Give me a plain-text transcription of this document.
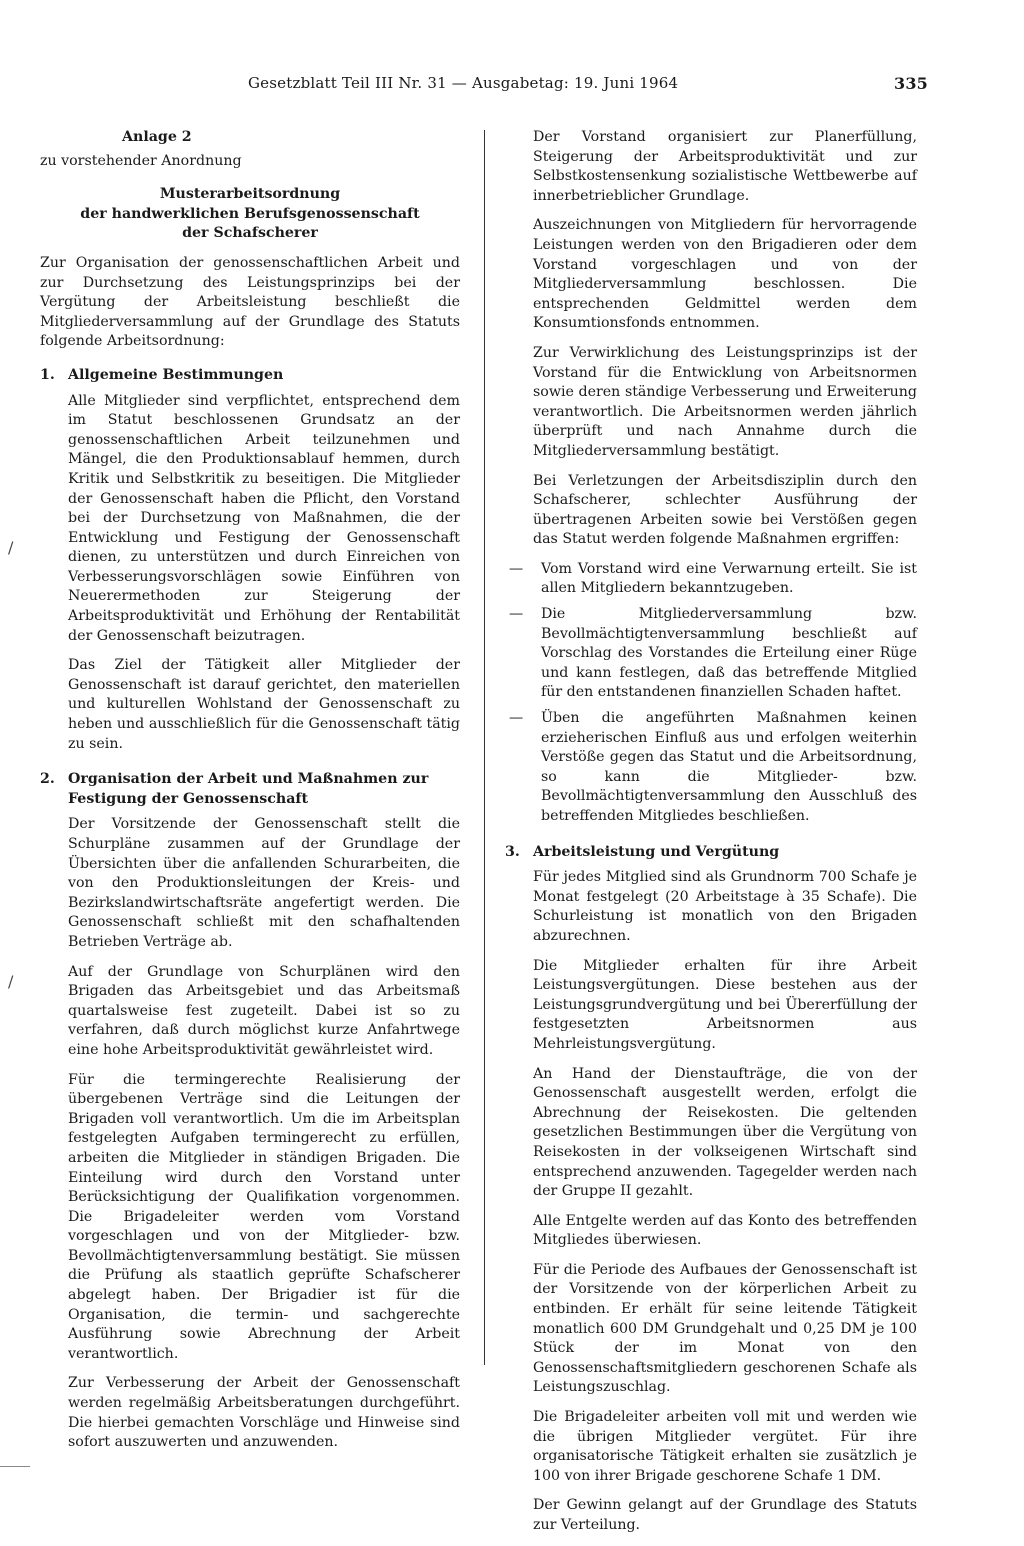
Gesetzblatt Teil III Nr. 31 — Ausgabetag: 19. Juni 1964	335

Anlage 2

zu vorstehender Anordnung

Musterarbeitsordnung

der handwerklichen Berufsgenossenschaft

der Schafscherer

Zur Organisation der genossenschaftlichen Arbeit und zur Durchsetzung des Leistungsprinzips bei der Vergütung der Arbeitsleistung beschließt die Mitgliederversammlung auf der Grundlage des Statuts folgende Arbeitsordnung:

1. Allgemeine Bestimmungen

Alle Mitglieder sind verpflichtet, entsprechend dem im Statut beschlossenen Grundsatz an der genossenschaftlichen Arbeit teilzunehmen und Mängel, die den Produktionsablauf hemmen, durch Kritik und Selbstkritik zu beseitigen. Die Mitglieder der Genossenschaft haben die Pflicht, den Vorstand bei der Durchsetzung von Maßnahmen, die der Entwicklung und Festigung der Genossenschaft dienen, zu unterstützen und durch Einreichen von Verbesserungsvorschlägen sowie Einführen von Neuerermethoden zur Steigerung der Arbeitsproduktivität und Erhöhung der Rentabilität der Genossenschaft beizutragen.

Das Ziel der Tätigkeit aller Mitglieder der Genossenschaft ist darauf gerichtet, den materiellen und kulturellen Wohlstand der Genossenschaft zu heben und ausschließlich für die Genossenschaft tätig zu sein.

2. Organisation der Arbeit und Maßnahmen zur Festigung der Genossenschaft

Der Vorsitzende der Genossenschaft stellt die Schurpläne zusammen auf der Grundlage der Übersichten über die anfallenden Schurarbeiten, die von den Produktionsleitungen der Kreis- und Bezirkslandwirtschaftsräte angefertigt werden. Die Genossenschaft schließt mit den schafhaltenden Betrieben Verträge ab.

Auf der Grundlage von Schurplänen wird den Brigaden das Arbeitsgebiet und das Arbeitsmaß quartalsweise fest zugeteilt. Dabei ist so zu verfahren, daß durch möglichst kurze Anfahrtwege eine hohe Arbeitsproduktivität gewährleistet wird.

Für die termingerechte Realisierung der übergebenen Verträge sind die Leitungen der Brigaden voll verantwortlich. Um die im Arbeitsplan festgelegten Aufgaben termingerecht zu erfüllen, arbeiten die Mitglieder in ständigen Brigaden. Die Einteilung wird durch den Vorstand unter Berücksichtigung der Qualifikation vorgenommen. Die Brigadeleiter werden vom Vorstand vorgeschlagen und von der Mitglieder- bzw. Bevollmächtigtenversammlung bestätigt. Sie müssen die Prüfung als staatlich geprüfte Schafscherer abgelegt haben. Der Brigadier ist für die Organisation, die termin- und sachgerechte Ausführung sowie Abrechnung der Arbeit verantwortlich.

Zur Verbesserung der Arbeit der Genossenschaft werden regelmäßig Arbeitsberatungen durchgeführt. Die hierbei gemachten Vorschläge und Hinweise sind sofort auszuwerten und anzuwenden.

Der Vorstand organisiert zur Planerfüllung, Steigerung der Arbeitsproduktivität und zur Selbstkostensenkung sozialistische Wettbewerbe auf innerbetrieblicher Grundlage.

Auszeichnungen von Mitgliedern für hervorragende Leistungen werden von den Brigadieren oder dem Vorstand vorgeschlagen und von der Mitgliederversammlung beschlossen. Die entsprechenden Geldmittel werden dem Konsumtionsfonds entnommen.

Zur Verwirklichung des Leistungsprinzips ist der Vorstand für die Entwicklung von Arbeitsnormen sowie deren ständige Verbesserung und Erweiterung verantwortlich. Die Arbeitsnormen werden jährlich überprüft und nach Annahme durch die Mitgliederversammlung bestätigt.

Bei Verletzungen der Arbeitsdisziplin durch den Schafscherer, schlechter Ausführung der übertragenen Arbeiten sowie bei Verstößen gegen das Statut werden folgende Maßnahmen ergriffen:

—	Vom Vorstand wird eine Verwarnung erteilt. Sie ist allen Mitgliedern bekanntzugeben.
—	Die Mitgliederversammlung bzw. Bevollmächtigtenversammlung beschließt auf Vorschlag des Vorstandes die Erteilung einer Rüge und kann festlegen, daß das betreffende Mitglied für den entstandenen finanziellen Schaden haftet.
—	Üben die angeführten Maßnahmen keinen erzieherischen Einfluß aus und erfolgen weiterhin Verstöße gegen das Statut und die Arbeitsordnung, so kann die Mitglieder- bzw. Bevollmächtigtenversammlung den Ausschluß des betreffenden Mitgliedes beschließen.
3. Arbeitsleistung und Vergütung

Für jedes Mitglied sind als Grundnorm 700 Schafe je Monat festgelegt (20 Arbeitstage à 35 Schafe). Die Schurleistung ist monatlich von den Brigaden abzurechnen.

Die Mitglieder erhalten für ihre Arbeit Leistungsvergütungen. Diese bestehen aus der Leistungsgrundvergütung und bei Übererfüllung der festgesetzten Arbeitsnormen aus Mehrleistungsvergütung.

An Hand der Dienstaufträge, die von der Genossenschaft ausgestellt werden, erfolgt die Abrechnung der Reisekosten. Die geltenden gesetzlichen Bestimmungen über die Vergütung von Reisekosten in der volkseigenen Wirtschaft sind entsprechend anzuwenden. Tagegelder werden nach der Gruppe II gezahlt.

Alle Entgelte werden auf das Konto des betreffenden Mitgliedes überwiesen.

Für die Periode des Aufbaues der Genossenschaft ist der Vorsitzende von der körperlichen Arbeit zu entbinden. Er erhält für seine leitende Tätigkeit monatlich 600 DM Grundgehalt und 0,25 DM je 100 Stück der im Monat von den Genossenschaftsmitgliedern geschorenen Schafe als Leistungszuschlag.

Die Brigadeleiter arbeiten voll mit und werden wie die übrigen Mitglieder vergütet. Für ihre organisatorische Tätigkeit erhalten sie zusätzlich je 100 von ihrer Brigade geschorene Schafe 1 DM.

Der Gewinn gelangt auf der Grundlage des Statuts zur Verteilung.

/
/
